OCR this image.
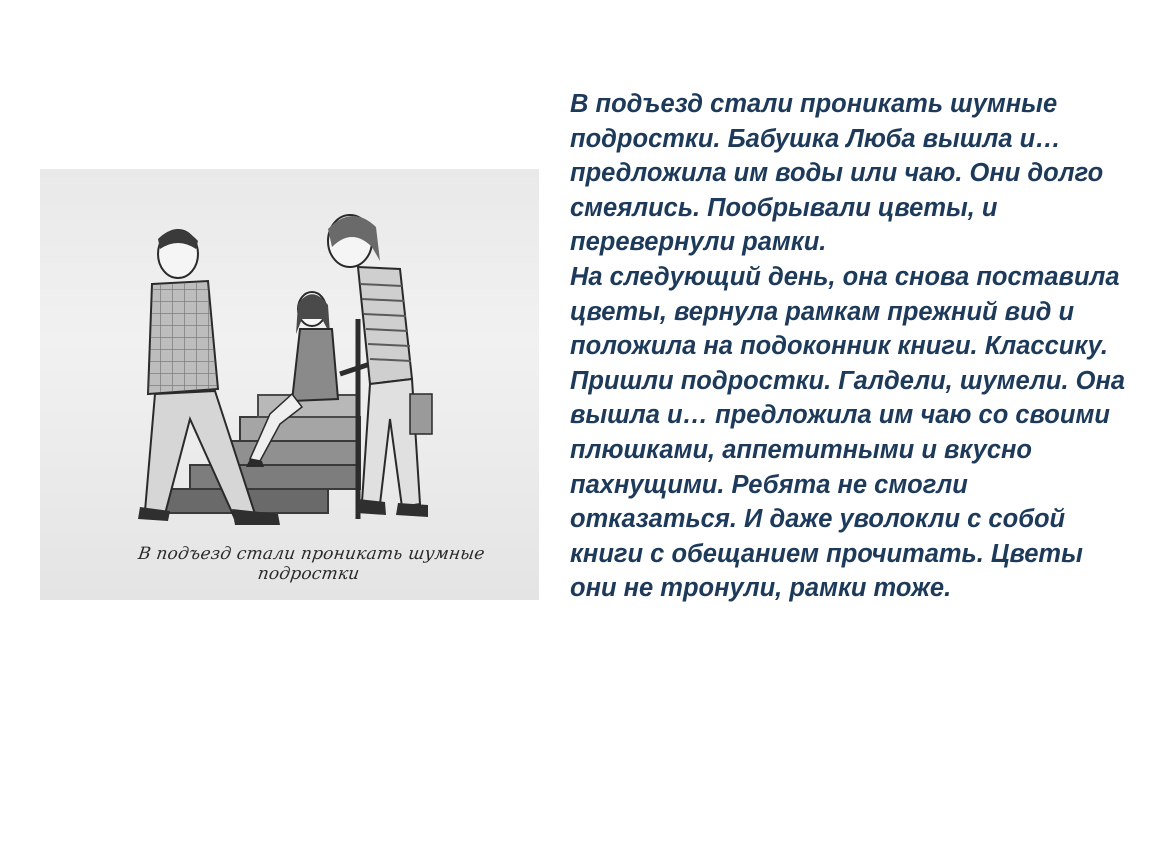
В подъезд стали проникать шумные подростки

В подъезд стали проникать шумные подростки. Бабушка Люба вышла и… предложила им воды или чаю. Они долго смеялись. Пообрывали цветы, и перевернули рамки.

На следующий день, она снова поставила цветы, вернула рамкам прежний вид и положила на подоконник книги. Классику. Пришли подростки. Галдели, шумели. Она вышла и… предложила им чаю со своими плюшками, аппетитными и вкусно пахнущими. Ребята не смогли отказаться. И даже уволокли с собой книги с обещанием прочитать. Цветы они не тронули, рамки тоже.
